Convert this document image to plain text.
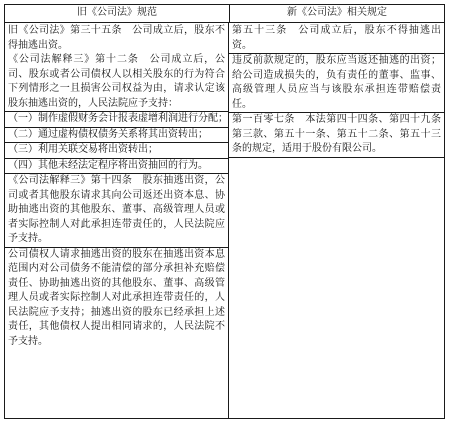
旧《公司法》规范	新《公司法》相关规定

旧《公司法》第三十五条　公司成立后，股东不得抽逃出资。

《公司法解释三》第十二条　公司成立后，公司、股东或者公司债权人以相关股东的行为符合下列情形之一且损害公司权益为由，请求认定该股东抽逃出资的，人民法院应予支持：

（一）制作虚假财务会计报表虚增利润进行分配；
（二）通过虚构债权债务关系将其出资转出；
（三）利用关联交易将出资转出；
（四）其他未经法定程序将出资抽回的行为。

《公司法解释三》第十四条　股东抽逃出资，公司或者其他股东请求其向公司返还出资本息、协助抽逃出资的其他股东、董事、高级管理人员或者实际控制人对此承担连带责任的，人民法院应予支持。

公司债权人请求抽逃出资的股东在抽逃出资本息范围内对公司债务不能清偿的部分承担补充赔偿责任、协助抽逃出资的其他股东、董事、高级管理人员或者实际控制人对此承担连带责任的，人民法院应予支持；抽逃出资的股东已经承担上述责任，其他债权人提出相同请求的，人民法院不予支持。

第五十三条　公司成立后，股东不得抽逃出资。

违反前款规定的，股东应当返还抽逃的出资；给公司造成损失的，负有责任的董事、监事、高级管理人员应当与该股东承担连带赔偿责任。

第一百零七条　本法第四十四条、第四十九条第三款、第五十一条、第五十二条、第五十三条的规定，适用于股份有限公司。
